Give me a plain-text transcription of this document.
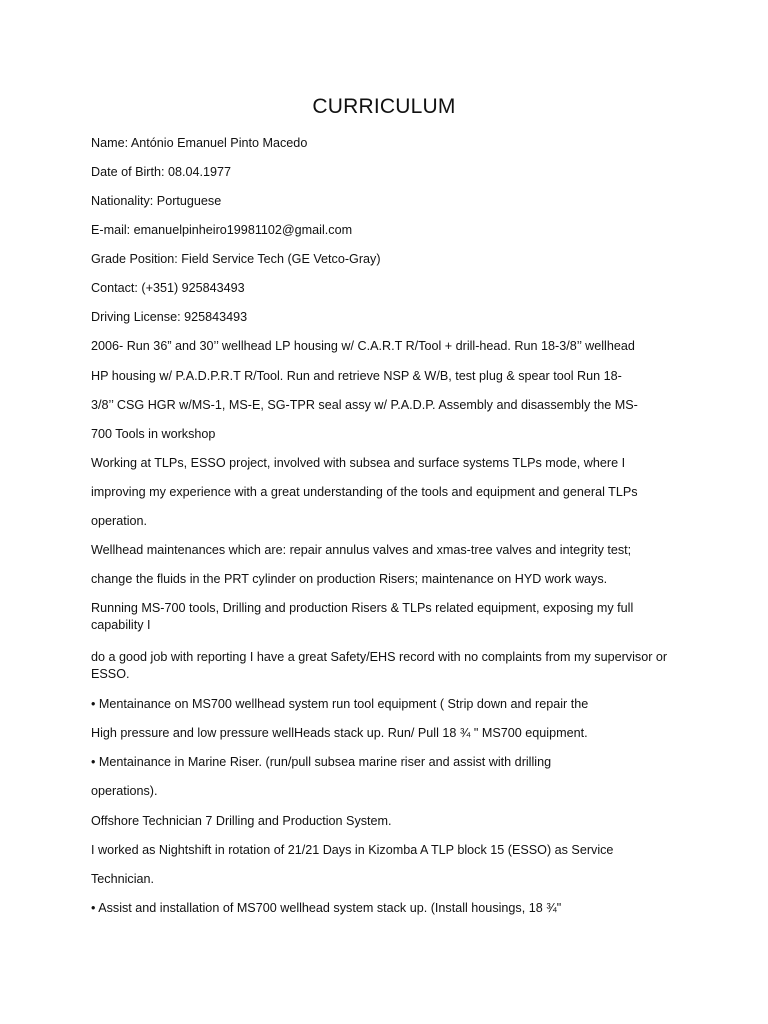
CURRICULUM
Name: António Emanuel Pinto Macedo
Date of Birth: 08.04.1977
Nationality: Portuguese
E-mail: emanuelpinheiro19981102@gmail.com
Grade Position: Field Service Tech (GE Vetco-Gray)
Contact: (+351) 925843493
Driving License: 925843493
2006- Run 36” and 30’’ wellhead LP housing w/ C.A.R.T R/Tool + drill-head. Run 18-3/8’’ wellhead
HP housing w/ P.A.D.P.R.T R/Tool. Run and retrieve NSP & W/B, test plug & spear tool Run 18-
3/8’’ CSG HGR w/MS-1, MS-E, SG-TPR seal assy w/ P.A.D.P. Assembly and disassembly the MS-
700 Tools in workshop
Working at TLPs, ESSO project, involved with subsea and surface systems TLPs mode, where I
improving my experience with a great understanding of the tools and equipment and general TLPs
operation.
Wellhead maintenances which are: repair annulus valves and xmas-tree valves and integrity test;
change the fluids in the PRT cylinder on production Risers; maintenance on HYD work ways.
Running MS-700 tools, Drilling and production Risers & TLPs related equipment, exposing my full capability I
do a good job with reporting I have a great Safety/EHS record with no complaints from my supervisor or ESSO.
• Mentainance on MS700 wellhead system run tool equipment ( Strip down and repair the
High pressure and low pressure wellHeads stack up. Run/ Pull 18 ¾ " MS700 equipment.
• Mentainance in Marine Riser. (run/pull subsea marine riser and assist with drilling
operations).
Offshore Technician 7 Drilling and Production System.
I worked as Nightshift in rotation of 21/21 Days in Kizomba A TLP block 15 (ESSO) as Service
Technician.
• Assist and installation of MS700 wellhead system stack up. (Install housings, 18 ¾"
